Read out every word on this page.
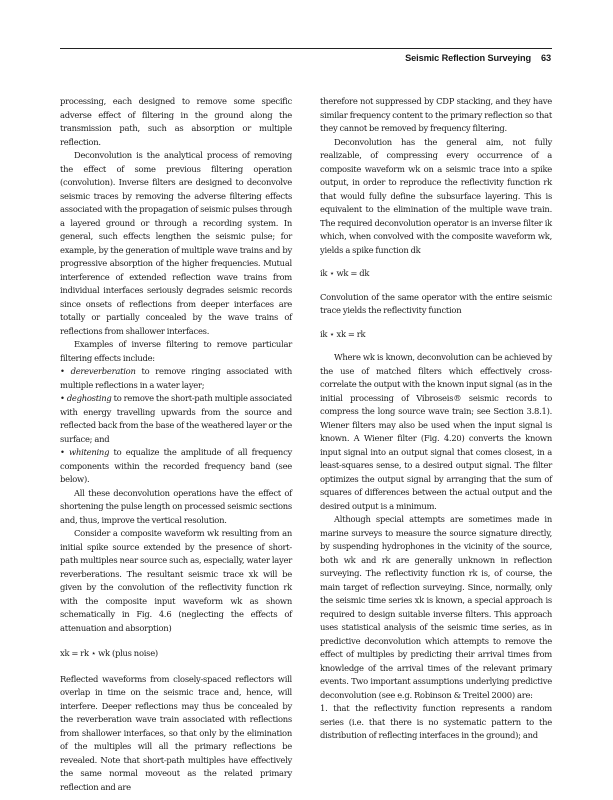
Seismic Reflection Surveying 63

processing, each designed to remove some specific adverse effect of filtering in the ground along the transmission path, such as absorption or multiple reflection.

Deconvolution is the analytical process of removing the effect of some previous filtering operation (convolution). Inverse filters are designed to deconvolve seismic traces by removing the adverse filtering effects associated with the propagation of seismic pulses through a layered ground or through a recording system. In general, such effects lengthen the seismic pulse; for example, by the generation of multiple wave trains and by progressive absorption of the higher frequencies. Mutual interference of extended reflection wave trains from individual interfaces seriously degrades seismic records since onsets of reflections from deeper interfaces are totally or partially concealed by the wave trains of reflections from shallower interfaces.

Examples of inverse filtering to remove particular filtering effects include:

• dereverberation to remove ringing associated with multiple reflections in a water layer;

• deghosting to remove the short-path multiple associated with energy travelling upwards from the source and reflected back from the base of the weathered layer or the surface; and

• whitening to equalize the amplitude of all frequency components within the recorded frequency band (see below).

All these deconvolution operations have the effect of shortening the pulse length on processed seismic sections and, thus, improve the vertical resolution.

Consider a composite waveform wk resulting from an initial spike source extended by the presence of short-path multiples near source such as, especially, water layer reverberations. The resultant seismic trace xk will be given by the convolution of the reflectivity function rk with the composite input waveform wk as shown schematically in Fig. 4.6 (neglecting the effects of attenuation and absorption)

xk = rk ⋆ wk (plus noise)

Reflected waveforms from closely-spaced reflectors will overlap in time on the seismic trace and, hence, will interfere. Deeper reflections may thus be concealed by the reverberation wave train associated with reflections from shallower interfaces, so that only by the elimination of the multiples will all the primary reflections be revealed. Note that short-path multiples have effectively the same normal moveout as the related primary reflection and are

therefore not suppressed by CDP stacking, and they have similar frequency content to the primary reflection so that they cannot be removed by frequency filtering.

Deconvolution has the general aim, not fully realizable, of compressing every occurrence of a composite waveform wk on a seismic trace into a spike output, in order to reproduce the reflectivity function rk that would fully define the subsurface layering. This is equivalent to the elimination of the multiple wave train. The required deconvolution operator is an inverse filter ik which, when convolved with the composite waveform wk, yields a spike function dk

ik ⋆ wk = dk

Convolution of the same operator with the entire seismic trace yields the reflectivity function

ik ⋆ xk = rk

Where wk is known, deconvolution can be achieved by the use of matched filters which effectively cross-correlate the output with the known input signal (as in the initial processing of Vibroseis® seismic records to compress the long source wave train; see Section 3.8.1). Wiener filters may also be used when the input signal is known. A Wiener filter (Fig. 4.20) converts the known input signal into an output signal that comes closest, in a least-squares sense, to a desired output signal. The filter optimizes the output signal by arranging that the sum of squares of differences between the actual output and the desired output is a minimum.

Although special attempts are sometimes made in marine surveys to measure the source signature directly, by suspending hydrophones in the vicinity of the source, both wk and rk are generally unknown in reflection surveying. The reflectivity function rk is, of course, the main target of reflection surveying. Since, normally, only the seismic time series xk is known, a special approach is required to design suitable inverse filters. This approach uses statistical analysis of the seismic time series, as in predictive deconvolution which attempts to remove the effect of multiples by predicting their arrival times from knowledge of the arrival times of the relevant primary events. Two important assumptions underlying predictive deconvolution (see e.g. Robinson & Treitel 2000) are:

1. that the reflectivity function represents a random series (i.e. that there is no systematic pattern to the distribution of reflecting interfaces in the ground); and
